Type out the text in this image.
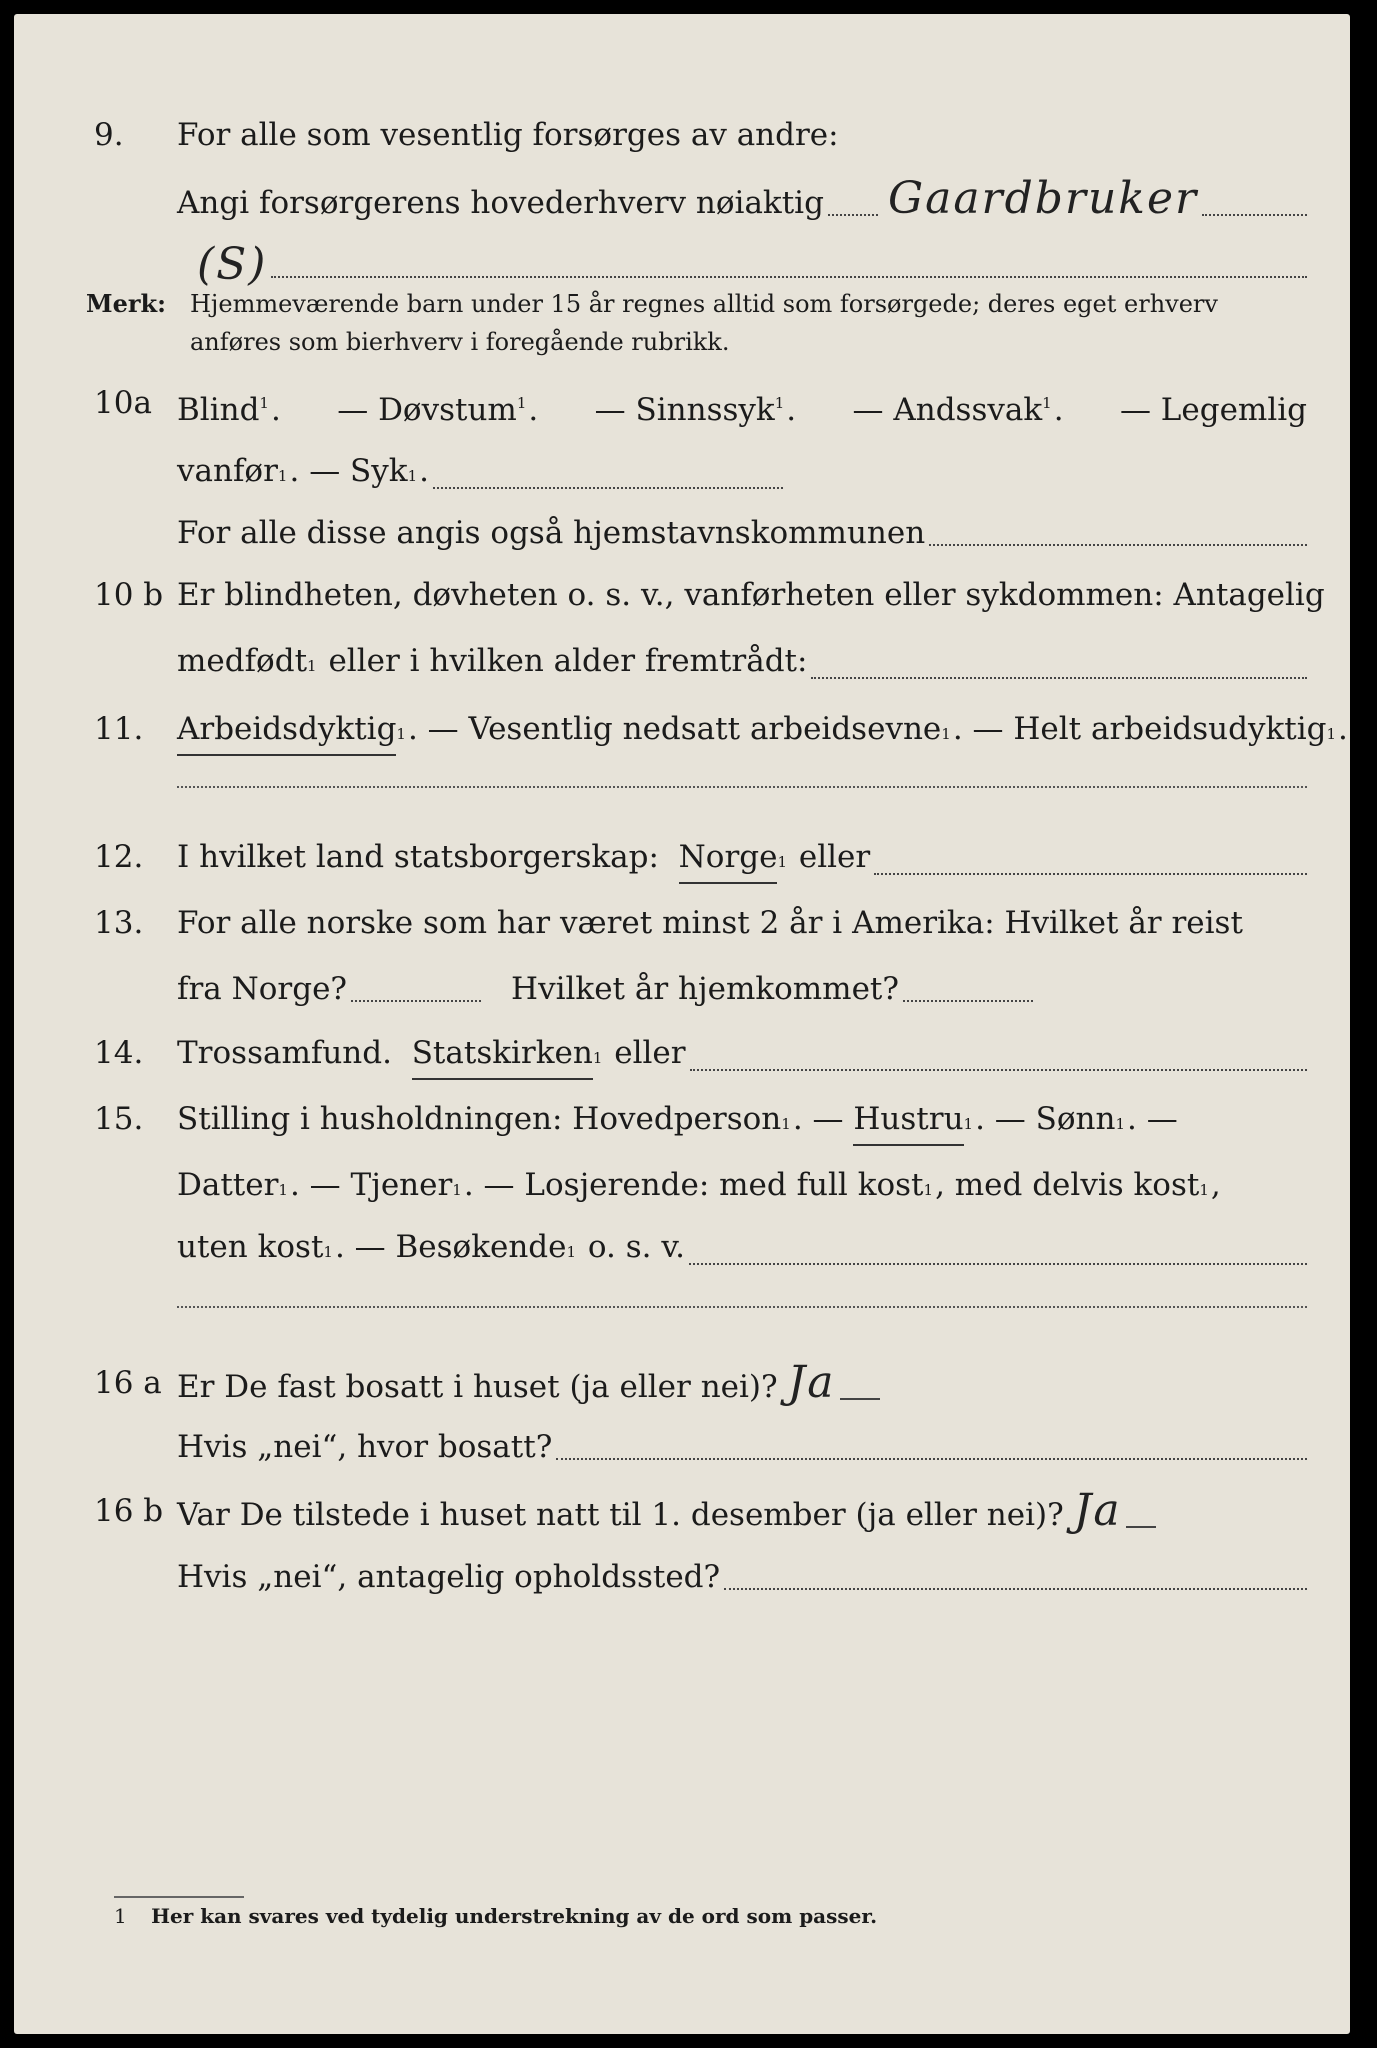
9. For alle som vesentlig forsørges av andre:
Angi forsørgerens hovederhverv nøiaktig Gaardbruker
(S)
Merk: Hjemmeværende barn under 15 år regnes alltid som forsørgede; deres eget erhverv
anføres som bierhverv i foregående rubrikk.
10a Blind$^1$. — Døvstum$^1$. — Sinnssyk$^1$. — Andssvak$^1$. — Legemlig
vanfør 1 . — Syk 1 .
For alle disse angis også hjemstavnskommunen
10 b Er blindheten, døvheten o. s. v., vanførheten eller sykdommen: Antagelig
medfødt 1
eller i hvilken alder fremtrådt:
11. Arbeidsdyktig 1 . — Vesentlig nedsatt arbeidsevne 1 . — Helt arbeidsudyktig 1 .
12. I hvilket land statsborgerskap:
Norge 1
eller
13. For alle norske som har været minst 2 år i Amerika: Hvilket år reist
fra Norge?	Hvilket år hjemkommet?
14. Trossamfund.
Statskirken 1
eller
15. Stilling i husholdningen: Hovedperson 1 . —
Hustru 1 . — Sønn 1 . —
Datter 1 . — Tjener 1 . — Losjerende: med full kost 1 , med delvis kost 1 ,
uten kost 1 . — Besøkende 1
o. s. v.
16 a Er De fast bosatt i huset (ja eller nei)? Ja
Hvis „nei“, hvor bosatt?
16 b Var De tilstede i huset natt til 1. desember (ja eller nei)? Ja
Hvis „nei“, antagelig opholdssted?
1 Her kan svares ved tydelig understrekning av de ord som passer.
